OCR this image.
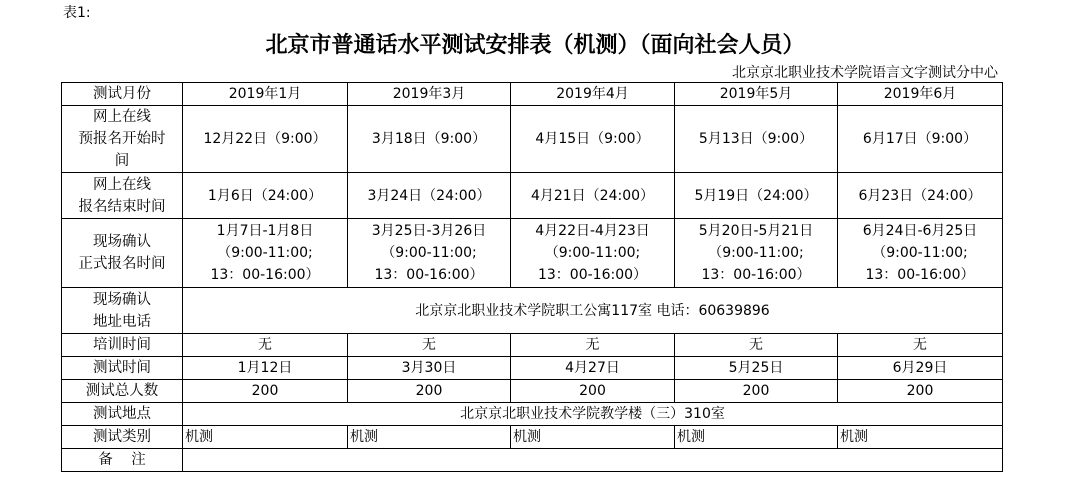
表1:
北京市普通话水平测试安排表（机测）（面向社会人员）
北京京北职业技术学院语言文字测试分中心
测试月份	2019年1月	2019年3月	2019年4月	2019年5月	2019年6月

网上在线
预报名开始时
间	12月22日（9:00）	3月18日（9:00）	4月15日（9:00）	5月13日（9:00）	6月17日（9:00）

网上在线
报名结束时间	1月6日（24:00）	3月24日（24:00）	4月21日（24:00）	5月19日（24:00）	6月23日（24:00）

现场确认
正式报名时间	1月7日-1月8日
（9:00-11:00;
13：00-16:00）	3月25日-3月26日
（9:00-11:00;
13：00-16:00）	4月22日-4月23日
（9:00-11:00;
13：00-16:00）	5月20日-5月21日
（9:00-11:00;
13：00-16:00）	6月24日-6月25日
（9:00-11:00;
13：00-16:00）

现场确认
地址电话	北京京北职业技术学院职工公寓117室 电话：60639896				
培训时间	无	无	无	无	无
测试时间	1月12日	3月30日	4月27日	5月25日	6月29日
测试总人数	200	200	200	200	200
测试地点	北京京北职业技术学院教学楼（三）310室				
测试类别	机测	机测	机测	机测	机测

备    注					
